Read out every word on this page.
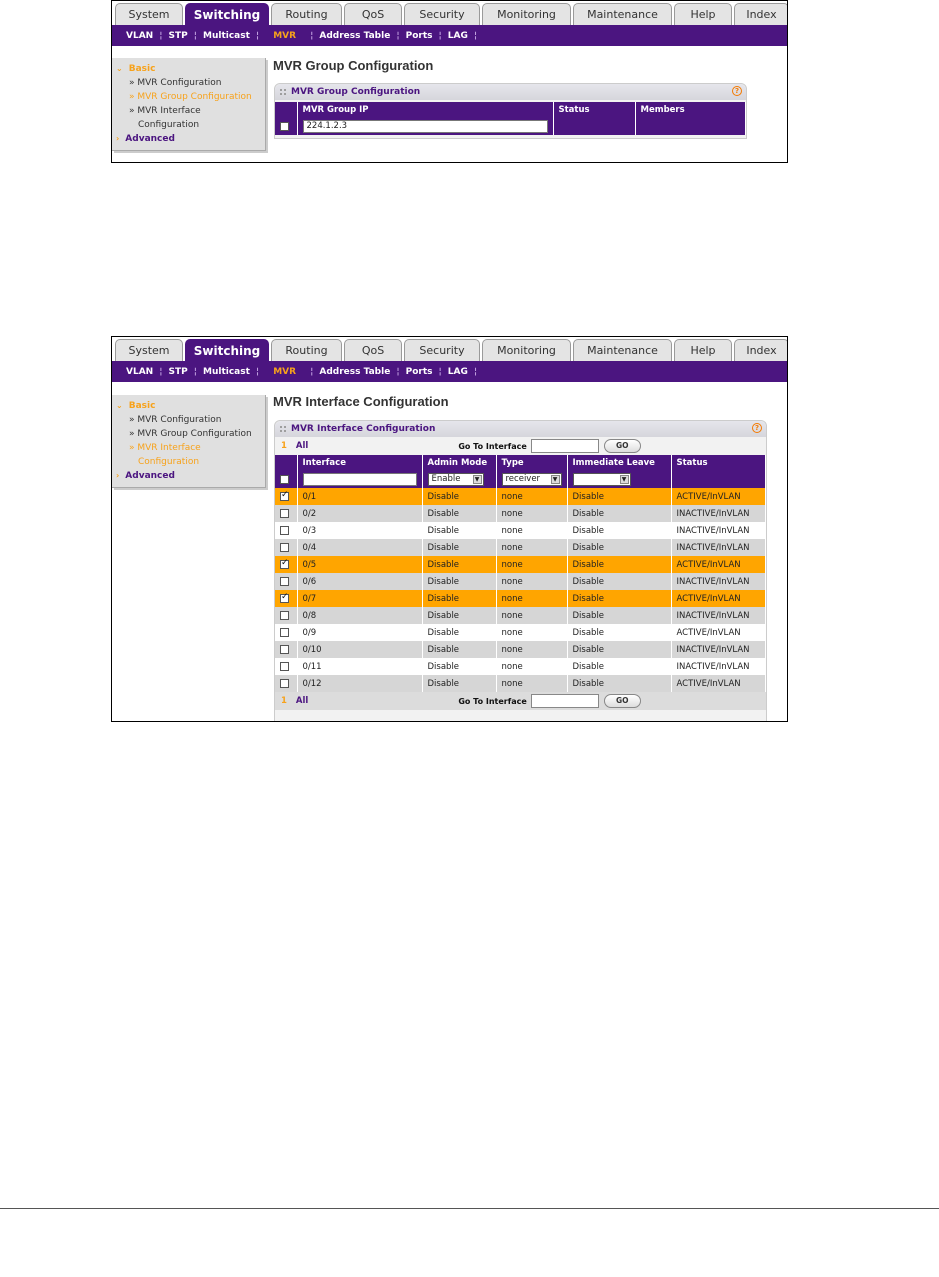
System	Switching	Routing	QoS	Security	Monitoring	Maintenance	Help	Index
VLAN ¦ STP ¦ Multicast ¦	MVR	¦ Address Table ¦ Ports ¦ LAG ¦
⌄ Basic
» MVR Configuration
» MVR Group Configuration
» MVR Interface
Configuration
› Advanced
MVR Group Configuration
MVR Group Configuration	?
	MVR Group IP	Status	Members
	224.1.2.3		
System	Switching	Routing	QoS	Security	Monitoring	Maintenance	Help	Index
VLAN ¦ STP ¦ Multicast ¦	MVR	¦ Address Table ¦ Ports ¦ LAG ¦
⌄ Basic
» MVR Configuration
» MVR Group Configuration
» MVR Interface
Configuration
› Advanced
MVR Interface Configuration
MVR Interface Configuration	?
1 All	Go To Interface	GO
	Interface	Admin Mode	Type	Immediate Leave	Status
		Enable ▼	receiver ▼	▼	

✓	0/1	Disable	none	Disable	ACTIVE/InVLAN
	0/2	Disable	none	Disable	INACTIVE/InVLAN
	0/3	Disable	none	Disable	INACTIVE/InVLAN
	0/4	Disable	none	Disable	INACTIVE/InVLAN
✓	0/5	Disable	none	Disable	ACTIVE/InVLAN
	0/6	Disable	none	Disable	INACTIVE/InVLAN
✓	0/7	Disable	none	Disable	ACTIVE/InVLAN
	0/8	Disable	none	Disable	INACTIVE/InVLAN
	0/9	Disable	none	Disable	ACTIVE/InVLAN
	0/10	Disable	none	Disable	INACTIVE/InVLAN
	0/11	Disable	none	Disable	INACTIVE/InVLAN
	0/12	Disable	none	Disable	ACTIVE/InVLAN
1 All	Go To Interface	GO
